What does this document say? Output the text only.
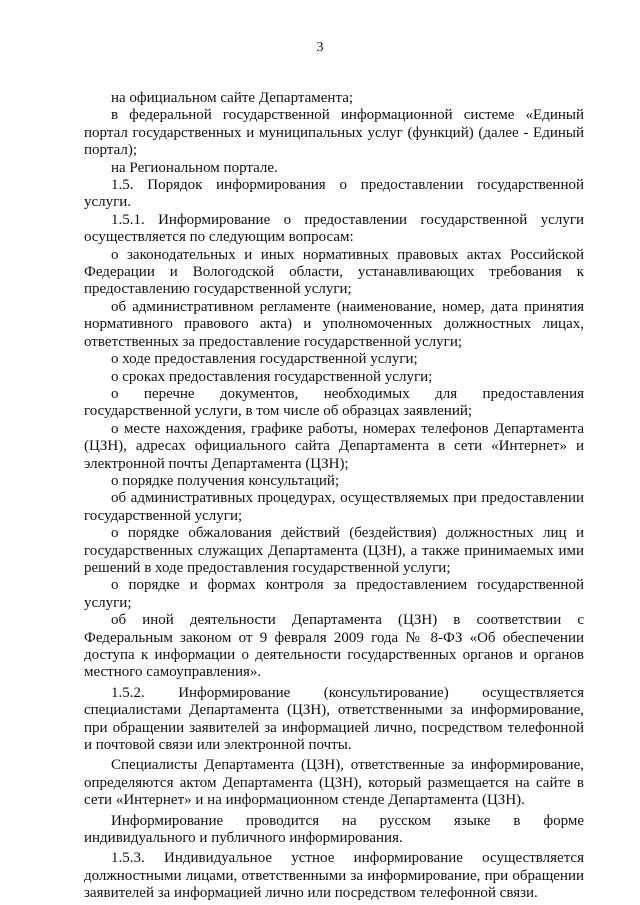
3

на официальном сайте Департамента;

в федеральной государственной информационной системе «Единый портал государственных и муниципальных услуг (функций) (далее - Единый портал);

на Региональном портале.

1.5. Порядок информирования о предоставлении государственной услуги.

1.5.1. Информирование о предоставлении государственной услуги осуществляется по следующим вопросам:

о законодательных и иных нормативных правовых актах Российской Федерации и Вологодской области, устанавливающих требования к предоставлению государственной услуги;

об административном регламенте (наименование, номер, дата принятия нормативного правового акта) и уполномоченных должностных лицах, ответственных за предоставление государственной услуги;

о ходе предоставления государственной услуги;

о сроках предоставления государственной услуги;

о перечне документов, необходимых для предоставления государственной услуги, в том числе об образцах заявлений;

о месте нахождения, графике работы, номерах телефонов Департамента (ЦЗН), адресах официального сайта Департамента в сети «Интернет» и электронной почты Департамента (ЦЗН);

о порядке получения консультаций;

об административных процедурах, осуществляемых при предоставлении государственной услуги;

о порядке обжалования действий (бездействия) должностных лиц и государственных служащих Департамента (ЦЗН), а также принимаемых ими решений в ходе предоставления государственной услуги;

о порядке и формах контроля за предоставлением государственной услуги;

об иной деятельности Департамента (ЦЗН) в соответствии с Федеральным законом от 9 февраля 2009 года № 8-ФЗ «Об обеспечении доступа к информации о деятельности государственных органов и органов местного самоуправления».

1.5.2. Информирование (консультирование) осуществляется специалистами Департамента (ЦЗН), ответственными за информирование, при обращении заявителей за информацией лично, посредством телефонной и почтовой связи или электронной почты.

Специалисты Департамента (ЦЗН), ответственные за информирование, определяются актом Департамента (ЦЗН), который размещается на сайте в сети «Интернет» и на информационном стенде Департамента (ЦЗН).

Информирование проводится на русском языке в форме индивидуального и публичного информирования.

1.5.3. Индивидуальное устное информирование осуществляется должностными лицами, ответственными за информирование, при обращении заявителей за информацией лично или посредством телефонной связи.
